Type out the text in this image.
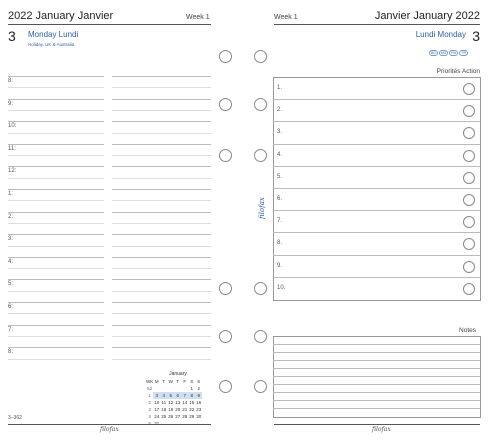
2022 January Janvier	Week 1
3 Monday Lundi
Holiday, UK & Australia
8:
9:
10:
11:
12:
1:
2:
3:
4:
5:
6:
7:
8:
January
WK	M	T	W	T	F	S	S
52						1	2
1	3	4	5	6	7	8	9
2	10	11	12	13	14	15	16
3	17	18	19	20	21	22	23
4	24	25	26	27	28	29	30
5	31						
3–362
filofax
filofax
Week 1	Janvier January 2022
Lundi Monday 3
BG NG RU TR
Priorités Action
1.
2.
3.
4.
5.
6.
7.
8.
9.
10.
Notes
filofax
